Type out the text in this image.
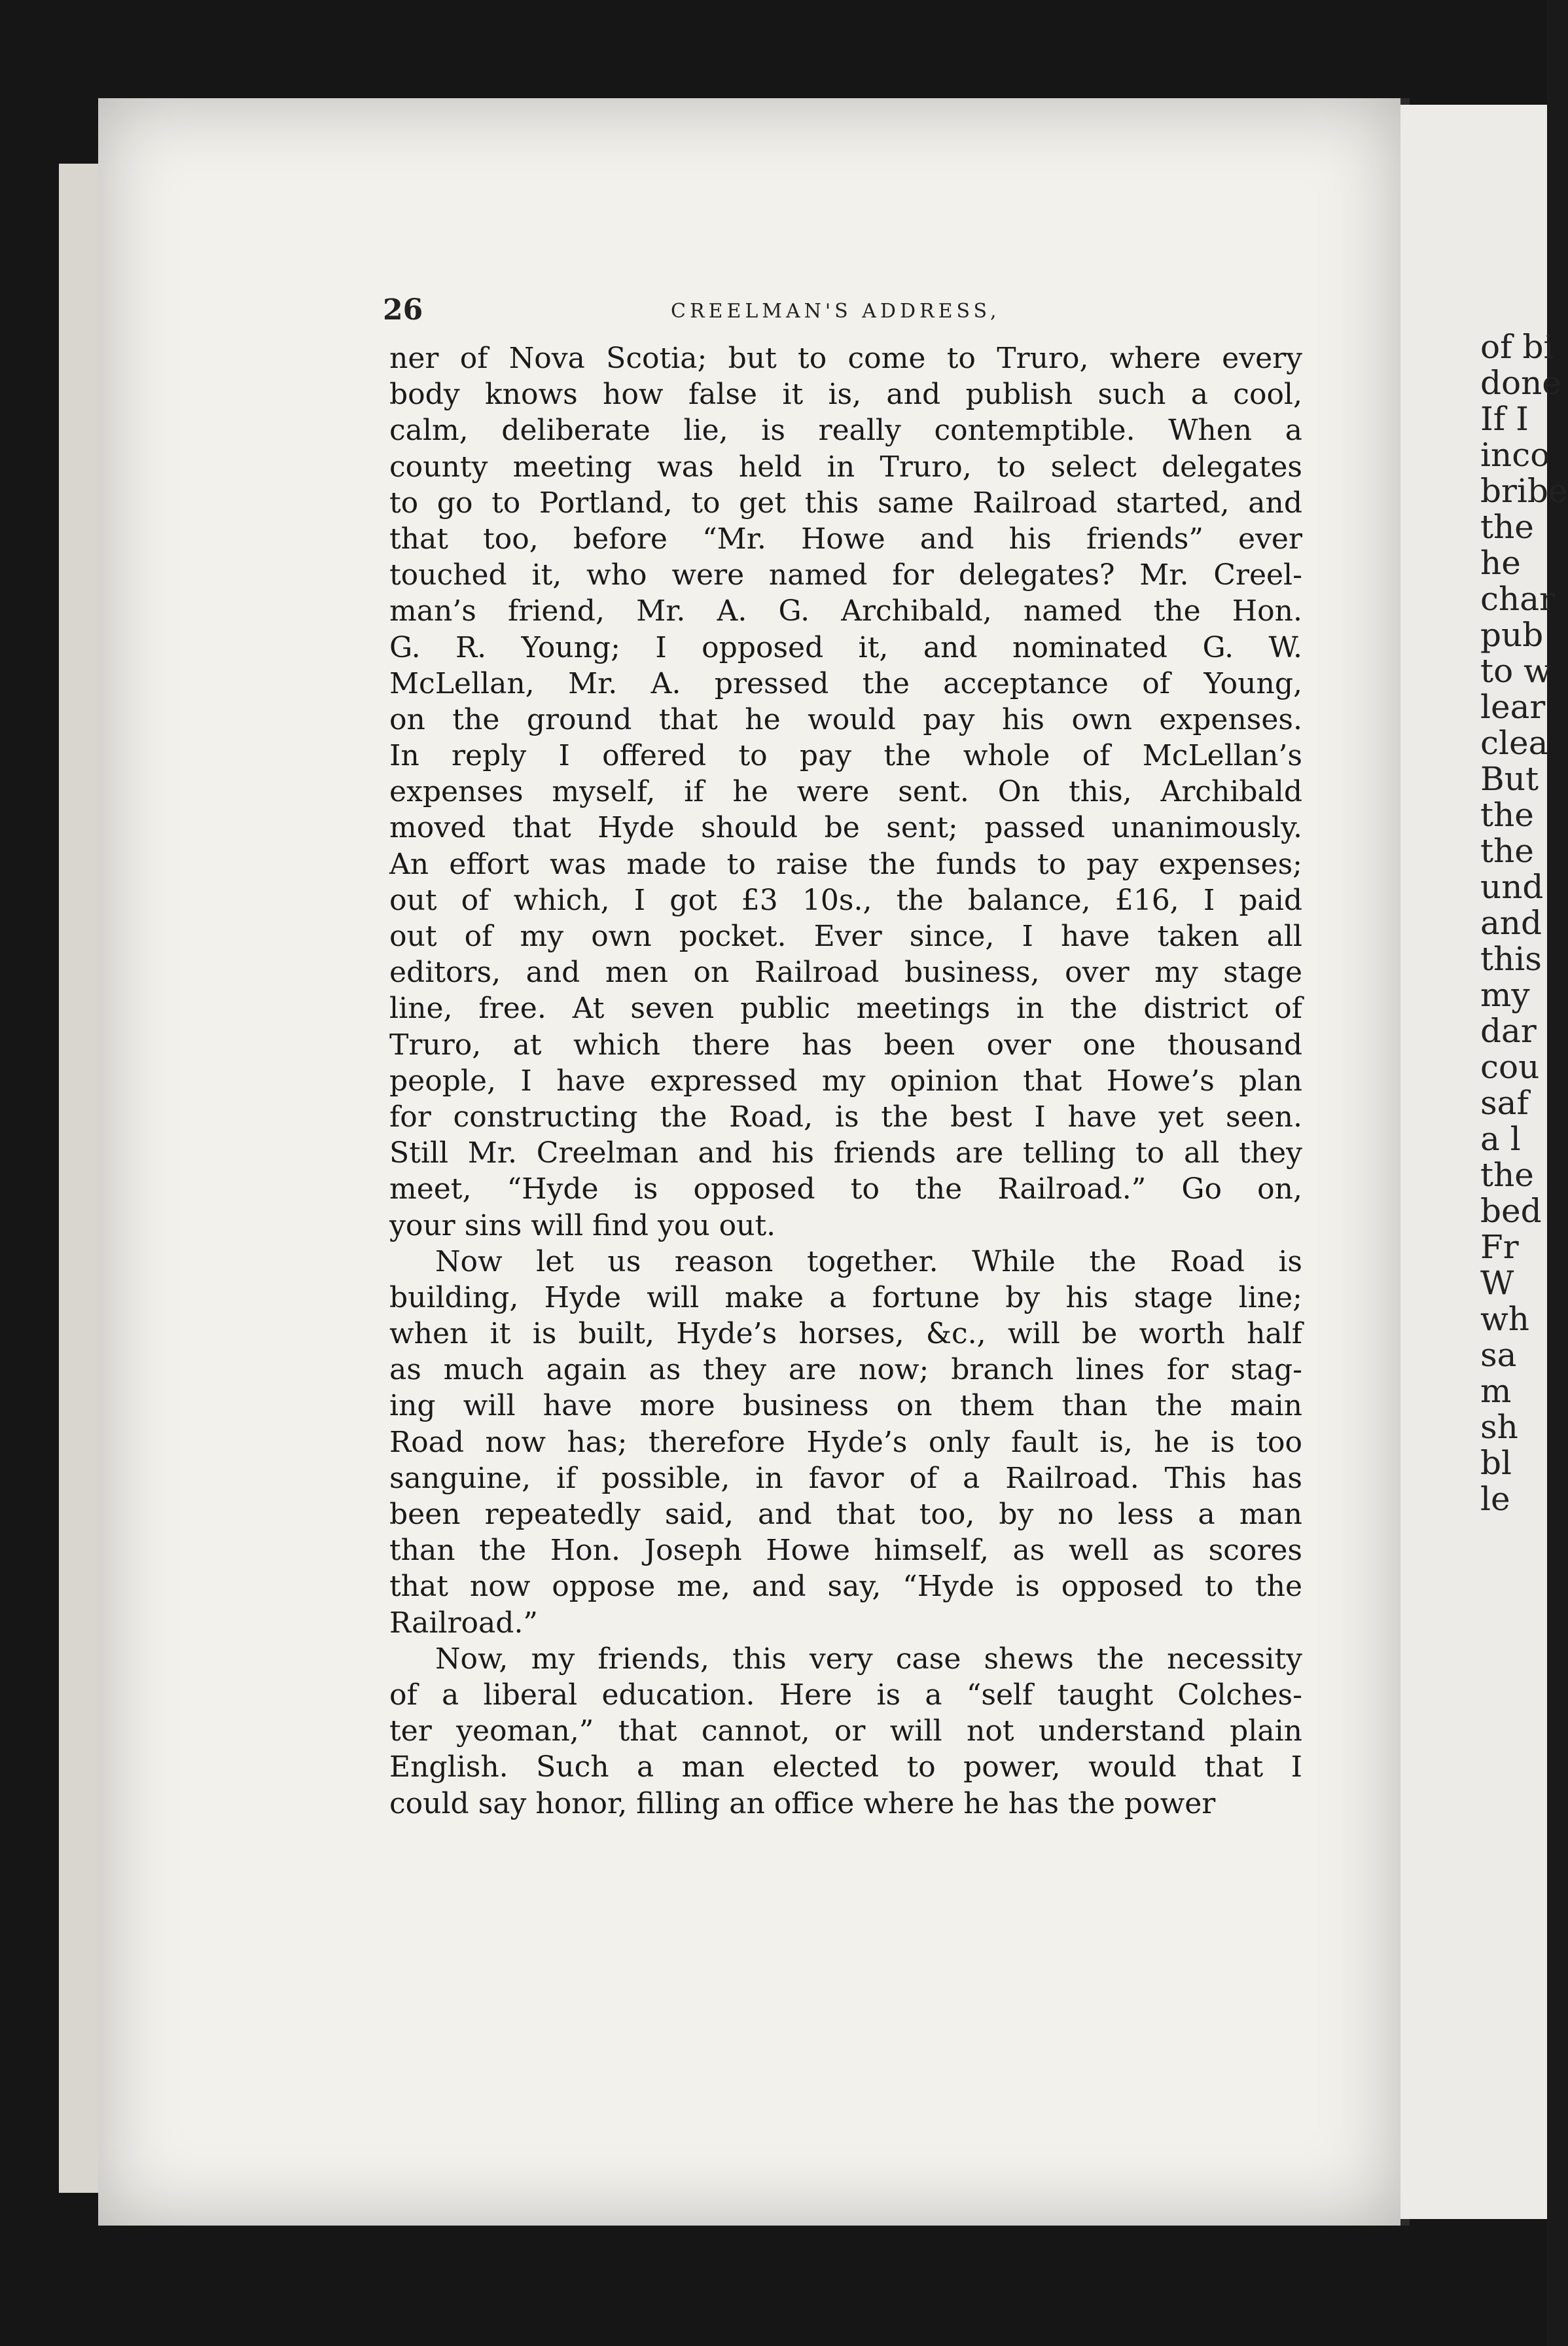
of bi
done
If I
inco
bribe
the
he
char
pub
to w
lear
clea
But
the
the
und
and
this
my
dar
cou
saf
a l
the
bed
Fr
W
wh
sa
m
sh
bl
le
26	CREELMAN'S ADDRESS,
ner of Nova Scotia; but to come to Truro, where every
body knows how false it is, and publish such a cool,
calm, deliberate lie, is really contemptible. When a
county meeting was held in Truro, to select delegates
to go to Portland, to get this same Railroad started, and
that too, before “Mr. Howe and his friends” ever
touched it, who were named for delegates? Mr. Creel-
man’s friend, Mr. A. G. Archibald, named the Hon.
G. R. Young; I opposed it, and nominated G. W.
McLellan, Mr. A. pressed the acceptance of Young,
on the ground that he would pay his own expenses.
In reply I offered to pay the whole of McLellan’s
expenses myself, if he were sent. On this, Archibald
moved that Hyde should be sent; passed unanimously.
An effort was made to raise the funds to pay expenses;
out of which, I got £3 10s., the balance, £16, I paid
out of my own pocket. Ever since, I have taken all
editors, and men on Railroad business, over my stage
line, free. At seven public meetings in the district of
Truro, at which there has been over one thousand
people, I have expressed my opinion that Howe’s plan
for constructing the Road, is the best I have yet seen.
Still Mr. Creelman and his friends are telling to all they
meet, “Hyde is opposed to the Railroad.” Go on,
your sins will find you out.
Now let us reason together. While the Road is
building, Hyde will make a fortune by his stage line;
when it is built, Hyde’s horses, &c., will be worth half
as much again as they are now; branch lines for stag-
ing will have more business on them than the main
Road now has; therefore Hyde’s only fault is, he is too
sanguine, if possible, in favor of a Railroad. This has
been repeatedly said, and that too, by no less a man
than the Hon. Joseph Howe himself, as well as scores
that now oppose me, and say, “Hyde is opposed to the
Railroad.”
Now, my friends, this very case shews the necessity
of a liberal education. Here is a “self taught Colches-
ter yeoman,” that cannot, or will not understand plain
English. Such a man elected to power, would that I
could say honor, filling an office where he has the power
